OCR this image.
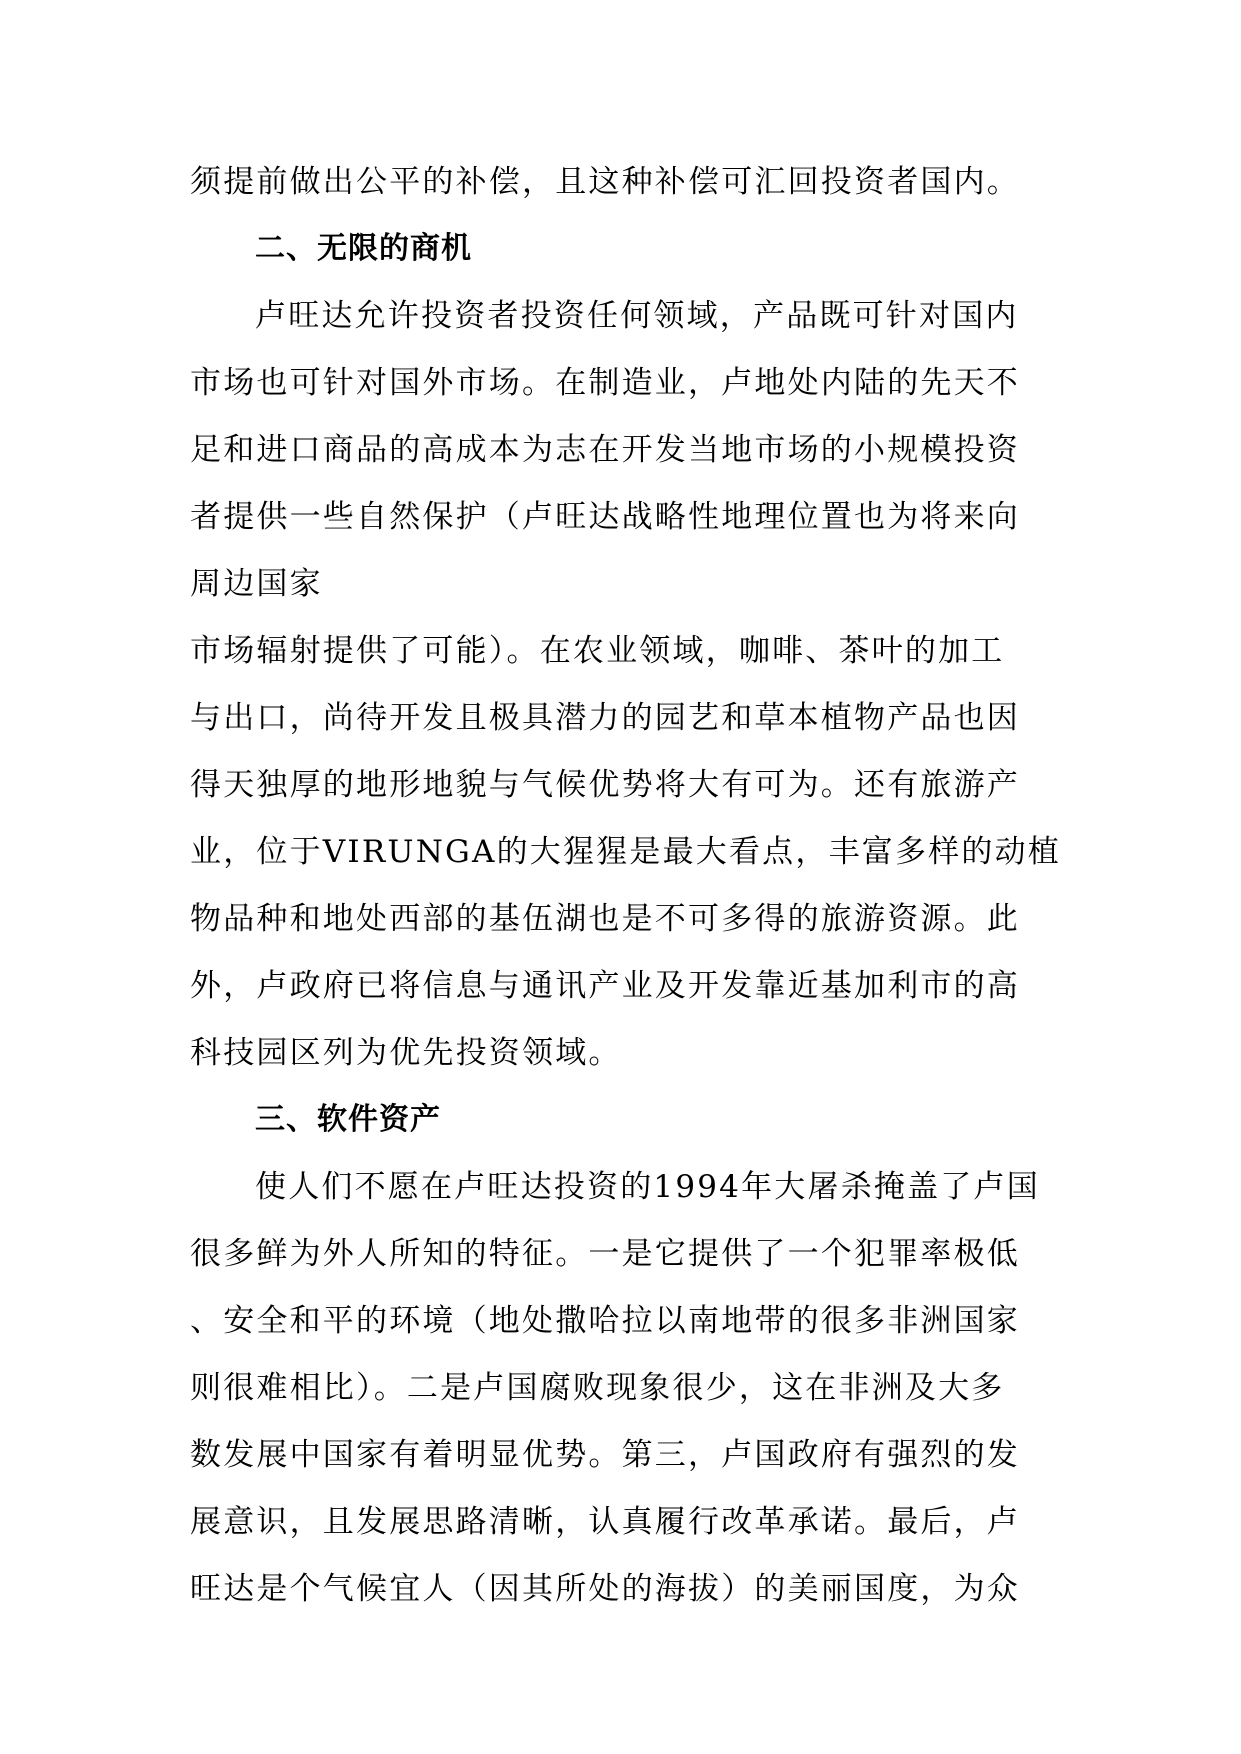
须提前做出公平的补偿，且这种补偿可汇回投资者国内。
二、无限的商机
卢旺达允许投资者投资任何领域，产品既可针对国内
市场也可针对国外市场。在制造业，卢地处内陆的先天不
足和进口商品的高成本为志在开发当地市场的小规模投资
者提供一些自然保护（卢旺达战略性地理位置也为将来向
周边国家
市场辐射提供了可能）。在农业领域，咖啡、茶叶的加工
与出口，尚待开发且极具潜力的园艺和草本植物产品也因
得天独厚的地形地貌与气候优势将大有可为。还有旅游产
业，位于VIRUNGA的大猩猩是最大看点，丰富多样的动植
物品种和地处西部的基伍湖也是不可多得的旅游资源。此
外，卢政府已将信息与通讯产业及开发靠近基加利市的高
科技园区列为优先投资领域。
三、软件资产
使人们不愿在卢旺达投资的1994年大屠杀掩盖了卢国
很多鲜为外人所知的特征。一是它提供了一个犯罪率极低
、安全和平的环境（地处撒哈拉以南地带的很多非洲国家
则很难相比）。二是卢国腐败现象很少，这在非洲及大多
数发展中国家有着明显优势。第三，卢国政府有强烈的发
展意识，且发展思路清晰，认真履行改革承诺。最后，卢
旺达是个气候宜人（因其所处的海拔）的美丽国度，为众
